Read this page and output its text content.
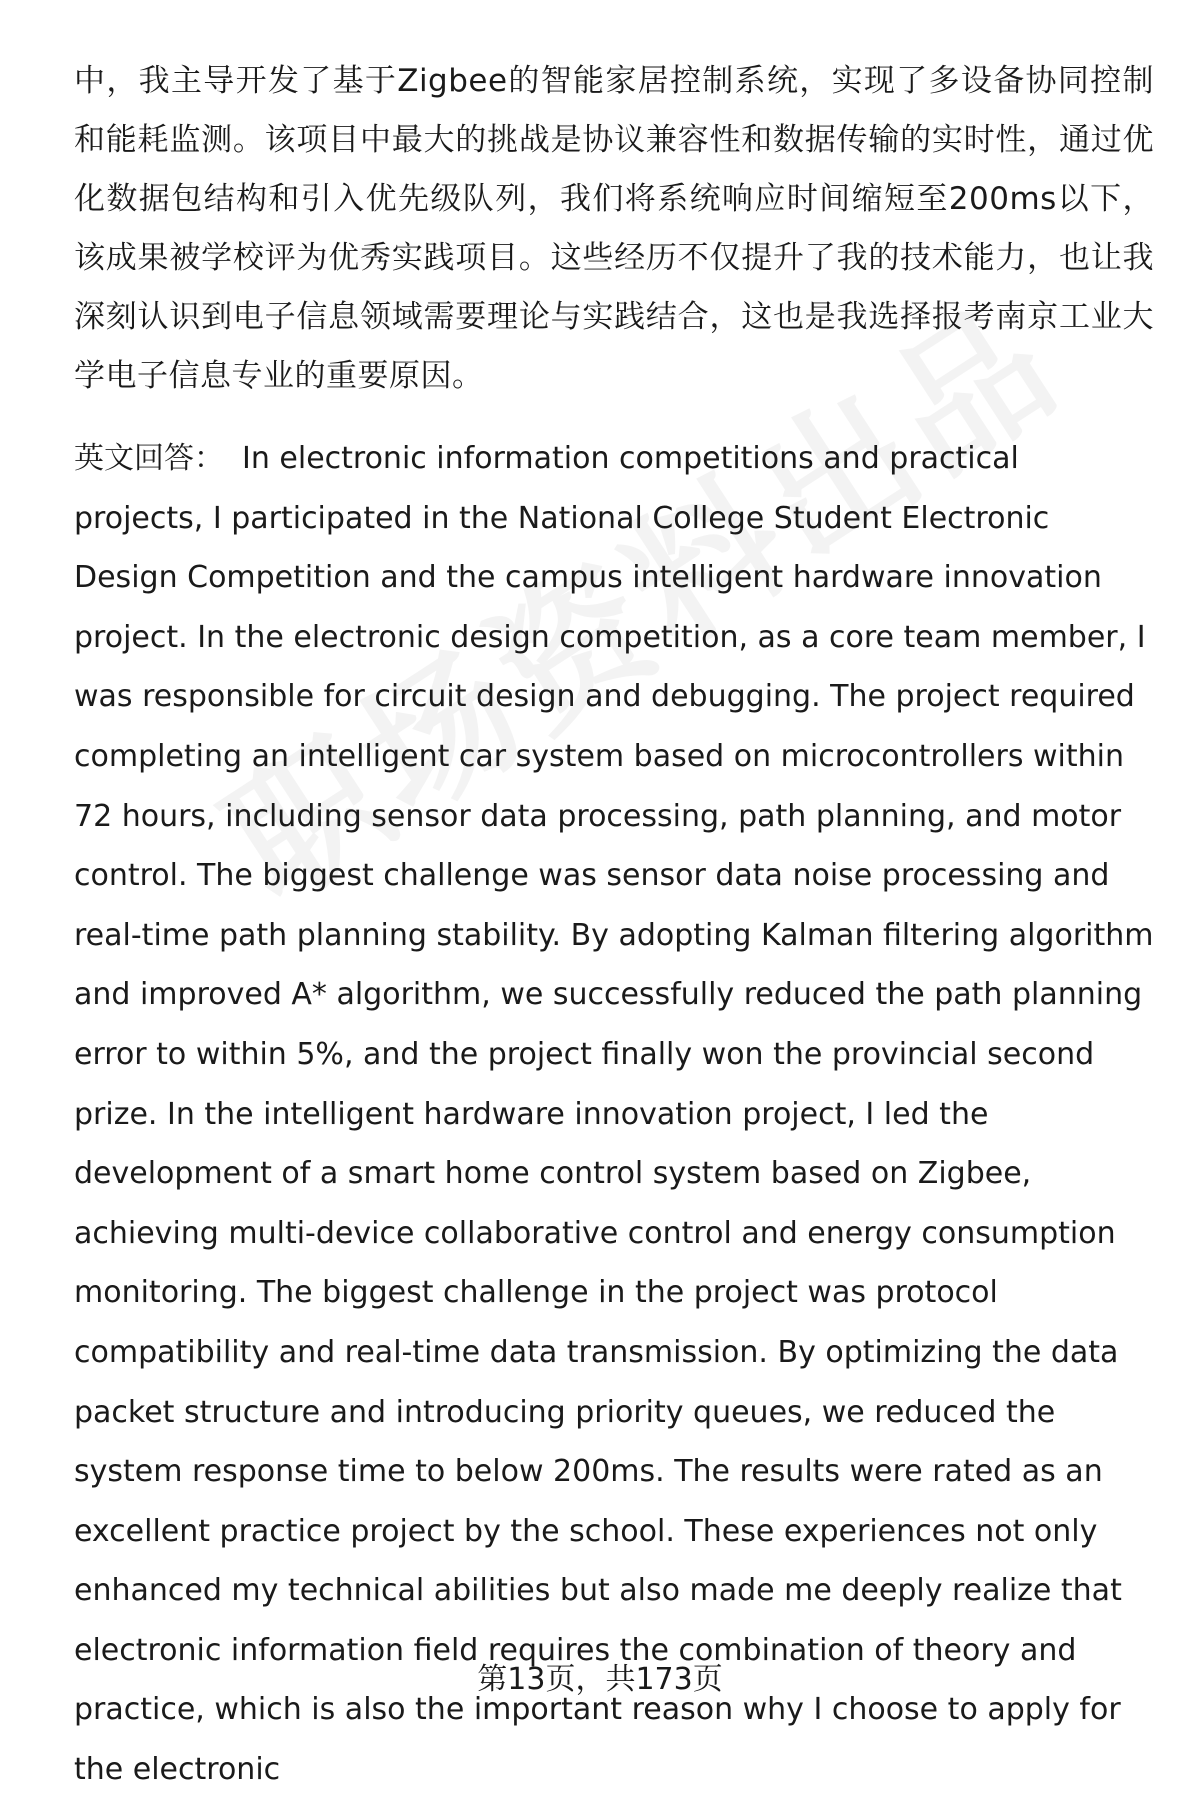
中，我主导开发了基于Zigbee的智能家居控制系统，实现了多设备协同控制和能耗监测。该项目中最大的挑战是协议兼容性和数据传输的实时性，通过优化数据包结构和引入优先级队列，我们将系统响应时间缩短至200ms以下，该成果被学校评为优秀实践项目。这些经历不仅提升了我的技术能力，也让我深刻认识到电子信息领域需要理论与实践结合，这也是我选择报考南京工业大学电子信息专业的重要原因。

英文回答： In electronic information competitions and practical projects, I participated in the National College Student Electronic Design Competition and the campus intelligent hardware innovation project. In the electronic design competition, as a core team member, I was responsible for circuit design and debugging. The project required completing an intelligent car system based on microcontrollers within 72 hours, including sensor data processing, path planning, and motor control. The biggest challenge was sensor data noise processing and real-time path planning stability. By adopting Kalman filtering algorithm and improved A* algorithm, we successfully reduced the path planning error to within 5%, and the project finally won the provincial second prize. In the intelligent hardware innovation project, I led the development of a smart home control system based on Zigbee, achieving multi-device collaborative control and energy consumption monitoring. The biggest challenge in the project was protocol compatibility and real-time data transmission. By optimizing the data packet structure and introducing priority queues, we reduced the system response time to below 200ms. The results were rated as an excellent practice project by the school. These experiences not only enhanced my technical abilities but also made me deeply realize that electronic information field requires the combination of theory and practice, which is also the important reason why I choose to apply for the electronic

第13页，共173页
